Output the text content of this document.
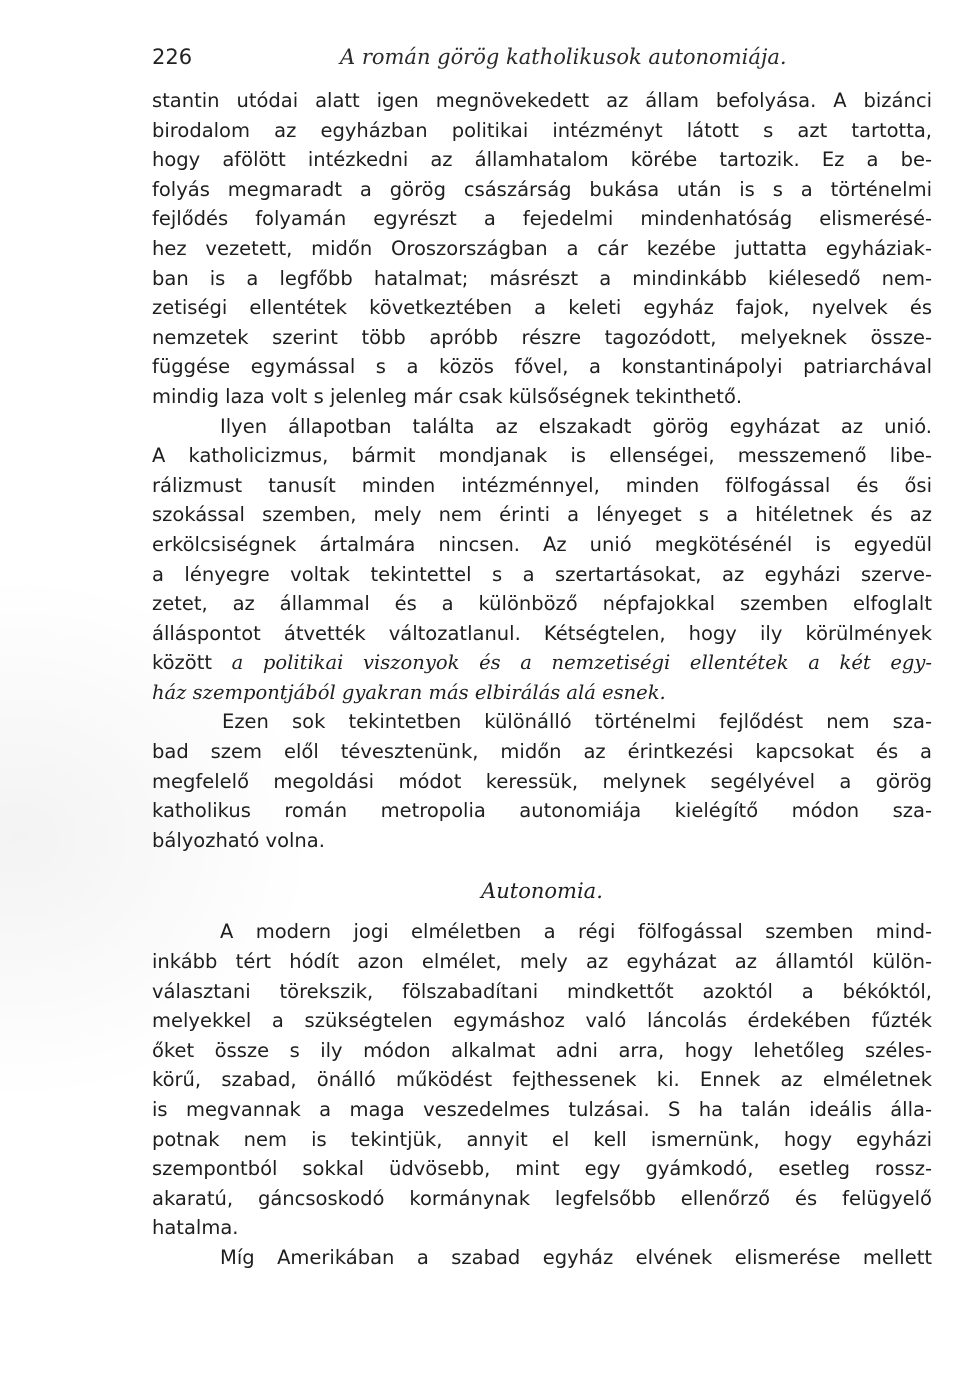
226	A román görög katholikusok autonomiája.
stantin utódai alatt igen megnövekedett az állam befolyása. A bizánci
birodalom az egyházban politikai intézményt látott s azt tartotta,
hogy afölött intézkedni az államhatalom körébe tartozik. Ez a be-
folyás megmaradt a görög császárság bukása után is s a történelmi
fejlődés folyamán egyrészt a fejedelmi mindenhatóság elismerésé-
hez vezetett, midőn Oroszországban a cár kezébe juttatta egyháziak-
ban is a legfőbb hatalmat; másrészt a mindinkább kiélesedő nem-
zetiségi ellentétek következtében a keleti egyház fajok, nyelvek és
nemzetek szerint több apróbb részre tagozódott, melyeknek össze-
függése egymással s a közös fővel, a konstantinápolyi patriarchával
mindig laza volt s jelenleg már csak külsőségnek tekinthető.
Ilyen állapotban találta az elszakadt görög egyházat az unió.
A katholicizmus, bármit mondjanak is ellenségei, messzemenő libe-
rálizmust tanusít minden intézménnyel, minden fölfogással és ősi
szokással szemben, mely nem érinti a lényeget s a hitéletnek és az
erkölcsiségnek ártalmára nincsen. Az unió megkötésénél is egyedül
a lényegre voltak tekintettel s a szertartásokat, az egyházi szerve-
zetet, az állammal és a különböző népfajokkal szemben elfoglalt
álláspontot átvették változatlanul. Kétségtelen, hogy ily körülmények
között a politikai viszonyok és a nemzetiségi ellentétek a két egy-
ház szempontjából gyakran más elbirálás alá esnek.
Ezen sok tekintetben különálló történelmi fejlődést nem sza-
bad szem elől tévesztenünk, midőn az érintkezési kapcsokat és a
megfelelő megoldási módot keressük, melynek segélyével a görög
katholikus román metropolia autonomiája kielégítő módon sza-
bályozható volna.
Autonomia.
A modern jogi elméletben a régi fölfogással szemben mind-
inkább tért hódít azon elmélet, mely az egyházat az államtól külön-
választani törekszik, fölszabadítani mindkettőt azoktól a békóktól,
melyekkel a szükségtelen egymáshoz való láncolás érdekében fűzték
őket össze s ily módon alkalmat adni arra, hogy lehetőleg széles-
körű, szabad, önálló működést fejthessenek ki. Ennek az elméletnek
is megvannak a maga veszedelmes tulzásai. S ha talán ideális álla-
potnak nem is tekintjük, annyit el kell ismernünk, hogy egyházi
szempontból sokkal üdvösebb, mint egy gyámkodó, esetleg rossz-
akaratú, gáncsoskodó kormánynak legfelsőbb ellenőrző és felügyelő
hatalma.
Míg Amerikában a szabad egyház elvének elismerése mellett
